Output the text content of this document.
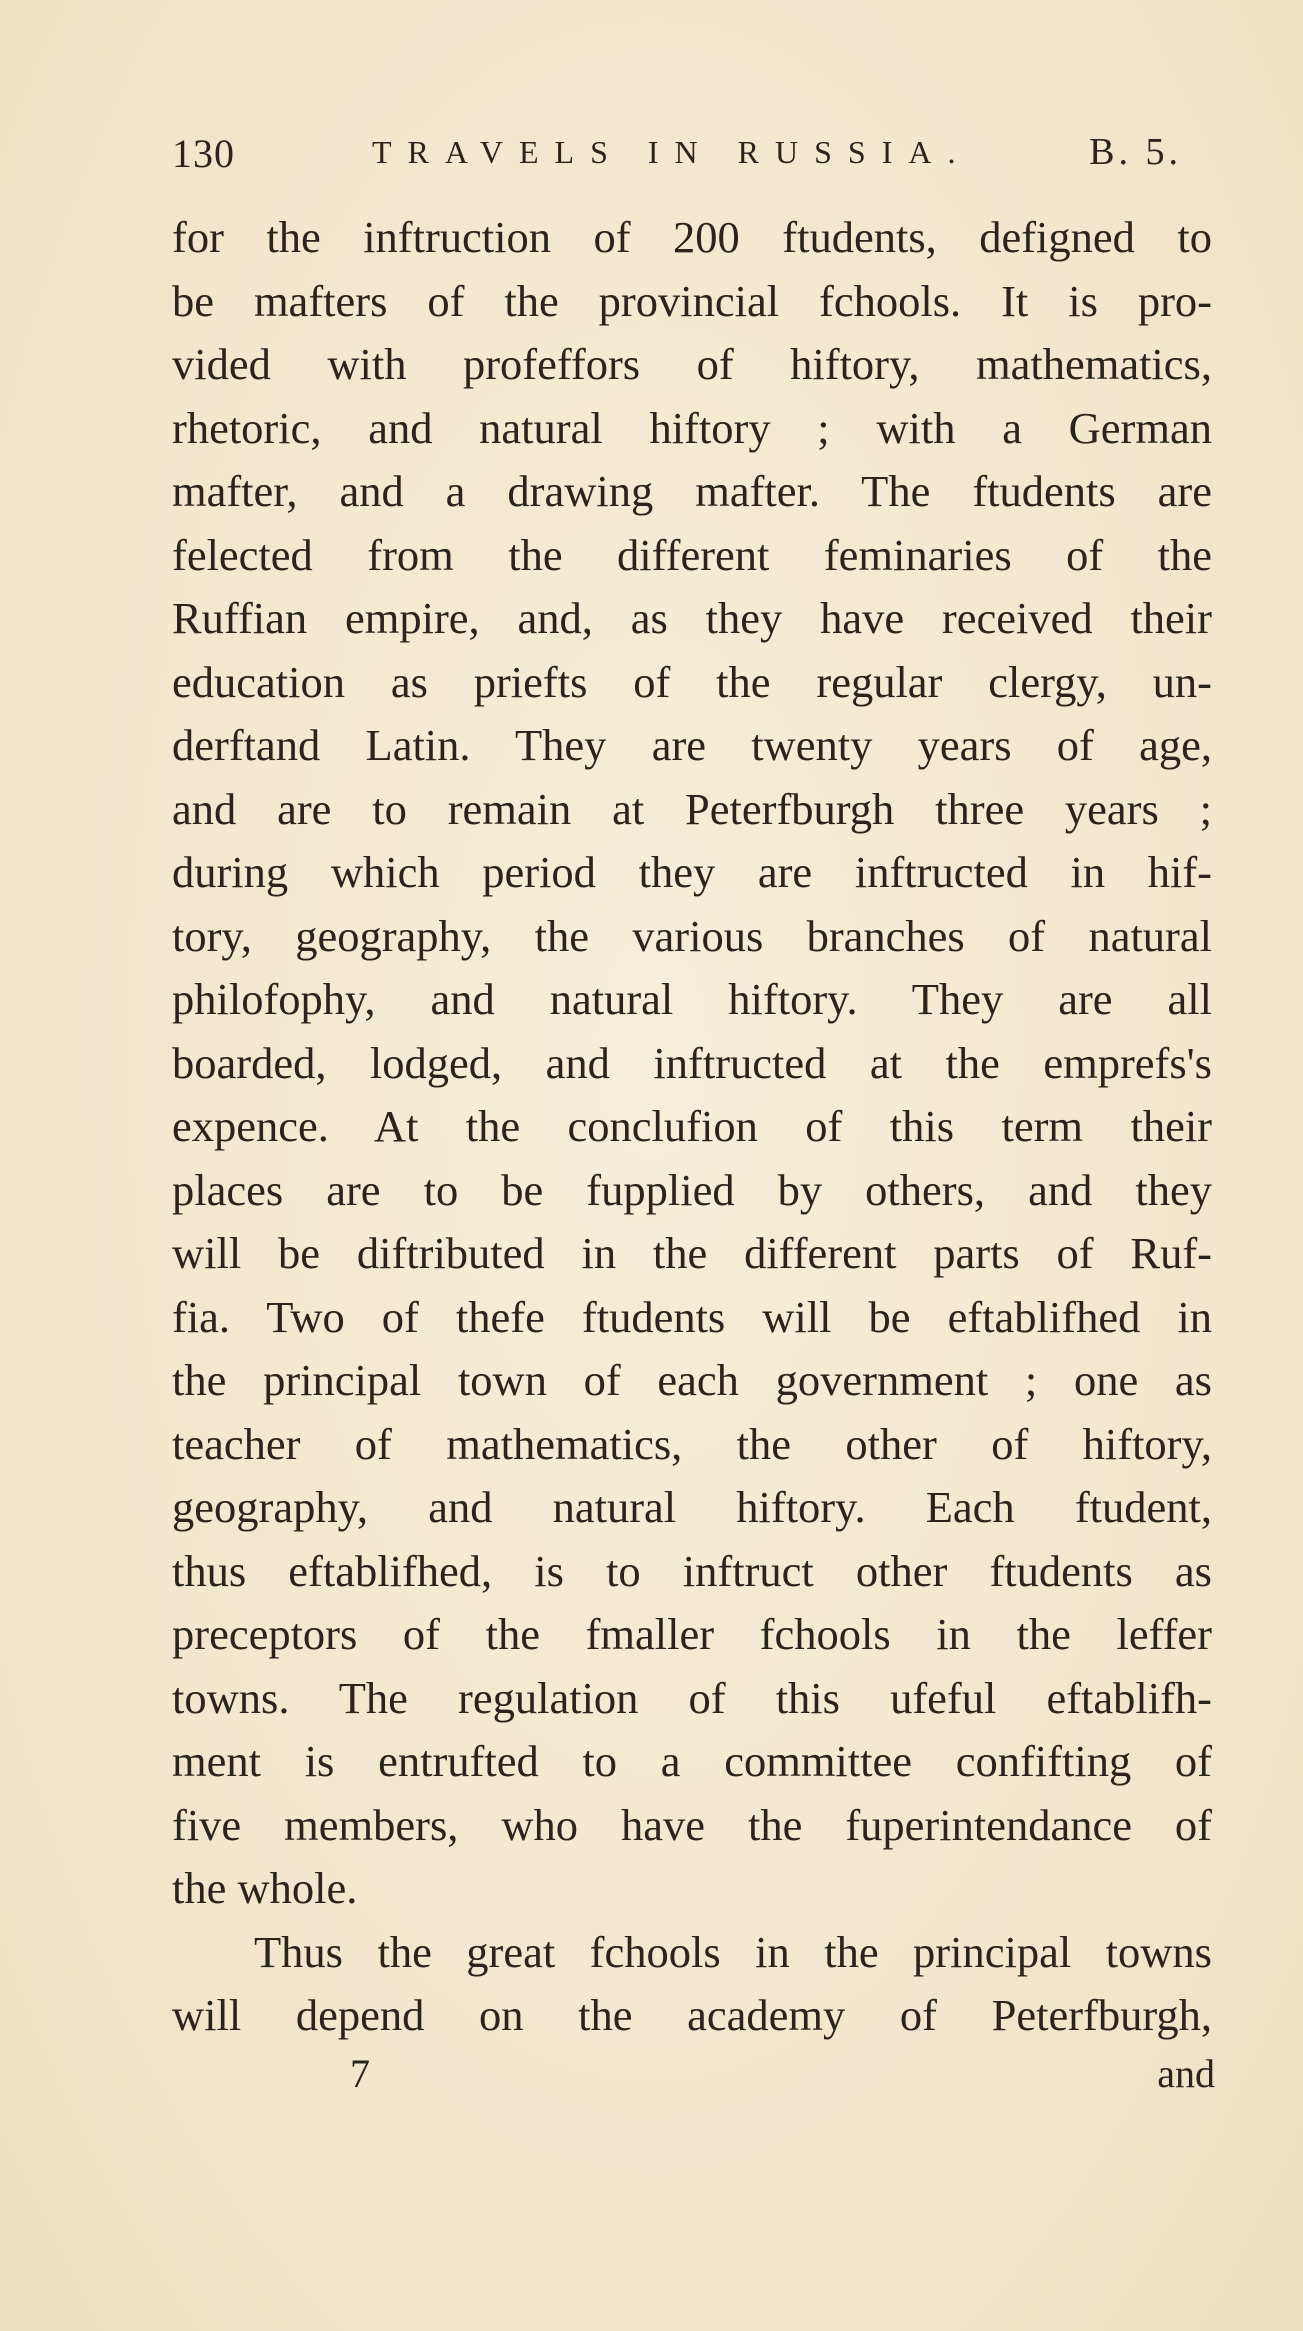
130	TRAVELS IN RUSSIA.	B. 5.
for the inftruction of 200 ftudents, defigned to
be mafters of the provincial fchools. It is pro-
vided with profeffors of hiftory, mathematics,
rhetoric, and natural hiftory ; with a German
mafter, and a drawing mafter. The ftudents are
felected from the different feminaries of the
Ruffian empire, and, as they have received their
education as priefts of the regular clergy, un-
derftand Latin. They are twenty years of age,
and are to remain at Peterfburgh three years ;
during which period they are inftructed in hif-
tory, geography, the various branches of natural
philofophy, and natural hiftory. They are all
boarded, lodged, and inftructed at the emprefs's
expence. At the conclufion of this term their
places are to be fupplied by others, and they
will be diftributed in the different parts of Ruf-
fia. Two of thefe ftudents will be eftablifhed in
the principal town of each government ; one as
teacher of mathematics, the other of hiftory,
geography, and natural hiftory. Each ftudent,
thus eftablifhed, is to inftruct other ftudents as
preceptors of the fmaller fchools in the leffer
towns. The regulation of this ufeful eftablifh-
ment is entrufted to a committee confifting of
five members, who have the fuperintendance of
the whole.
Thus the great fchools in the principal towns
will depend on the academy of Peterfburgh,
7	and
